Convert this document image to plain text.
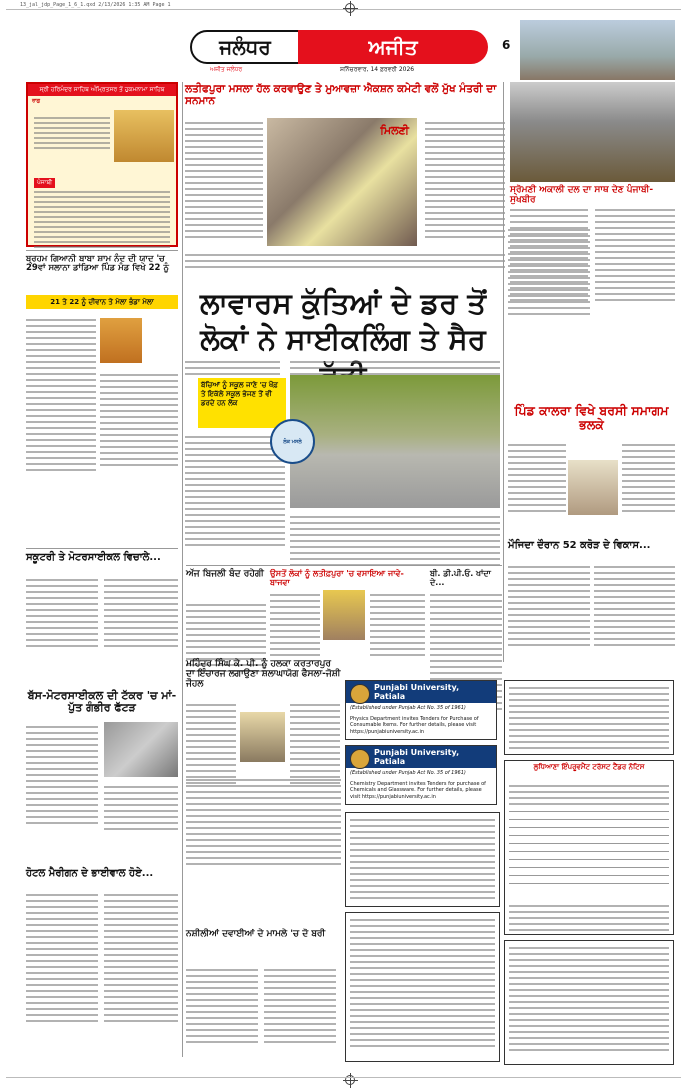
13_jal_jdp_Page_1_6_1.qxd 2/13/2026 1:35 AM Page 1
ਜਲੰਧਰ	ਅਜੀਤ
ਅਜੀਤ ਜਲੰਧਰ	ਸ਼ਨਿੱਚਰਵਾਰ, 14 ਫ਼ਰਵਰੀ 2026
6
ਸ੍ਰੀ ਹਰਿਮੰਦਰ ਸਾਹਿਬ ਅੰਮ੍ਰਿਤਸਰ ਤੋਂ ਹੁਕਮਨਾਮਾ ਸਾਹਿਬ
ਰਾਗੁ
ਪੰਜਾਬੀ
ਲਤੀਫਪੁਰਾ ਮਸਲਾ ਹੱਲ ਕਰਵਾਉਣ ਤੇ ਮੁਆਵਜ਼ਾ ਐਕਸ਼ਨ ਕਮੇਟੀ ਵਲੋਂ ਮੁੱਖ ਮੰਤਰੀ ਦਾ ਸਨਮਾਨ
ਮਿਲਣੀ
ਸ੍ਰੋਮਣੀ ਅਕਾਲੀ ਦਲ ਦਾ ਸਾਥ ਦੇਣ ਪੰਜਾਬੀ-ਸੁਖਬੀਰ
ਬ੍ਰਹਮ ਗਿਆਨੀ ਬਾਬਾ ਸ਼ਾਮ ਨੰਦ ਦੀ ਯਾਦ 'ਚ 29ਵਾਂ ਸਲਾਨਾ ਡਾਂਡਿਆ ਪਿੰਡ ਮੰਡ ਵਿਖੇ 22 ਨੂੰ
21 ਤੇ 22 ਨੂੰ ਦੀਵਾਨ ਤੇ ਮੇਲਾ ਭੰਡਾ ਮੇਲਾ
ਸਕੂਟਰੀ ਤੇ ਮੋਟਰਸਾਈਕਲ ਵਿਚਾਲੇ...
ਬੱਸ-ਮੋਟਰਸਾਈਕਲ ਦੀ ਟੱਕਰ 'ਚ ਮਾਂ-ਪੁੱਤ ਗੰਭੀਰ ਫੱਟੜ
ਹੋਟਲ ਮੈਰੀਗਨ ਦੇ ਭਾਈਵਾਲ ਹੋਏ...
ਲਾਵਾਰਸ ਕੁੱਤਿਆਂ ਦੇ ਡਰ ਤੋਂ ਲੋਕਾਂ ਨੇ ਸਾਈਕਲਿੰਗ ਤੇ ਸੈਰ
ਬੱਚਿਆਂ ਨੂੰ ਸਕੂਲ ਜਾਣੇ 'ਚ ਖੌਫ਼ ਤੇ ਇਕੱਲੇ ਸਕੂਲ ਭੇਜਣ ਤੋਂ ਵੀ ਡਰਦੇ ਹਨ ਲੋਕ
ਲੋਕ ਮਸਲੇ
ਪਿੰਡ ਕਾਲਰਾ ਵਿਖੇ ਬਰਸੀ ਸਮਾਗਮ ਭਲਕੇ
ਮੌਜਿਦਾ ਦੌਰਾਨ 52 ਕਰੋੜ ਦੇ ਵਿਕਾਸ...
ਅੱਜ ਬਿਜਲੀ ਬੰਦ ਰਹੇਗੀ ਉਸਤੋਂ ਲੋਕਾਂ ਨੂੰ ਲਤੀਫ਼ਪੁਰਾ 'ਚ ਵਸਾਇਆ ਜਾਵੇ-ਬਾਜਵਾ
ਬੀ. ਡੀ.ਪੀ.ਓ. ਖਾਂਦਾ ਦੇ...
ਮਹਿੰਦਰ ਸਿੰਘ ਕੇ. ਪੀ. ਨੂੰ ਹਲਕਾ ਕਰਤਾਰਪੁਰ ਦਾ ਇੰਚਾਰਜ ਲਗਾਉਣਾ ਸ਼ਲਾਘਾਯੋਗ ਫੈਸਲਾ-ਜੋਸ਼ੀ ਜੌਹਲ	Punjabi University, Patiala
(Established under Punjab Act No. 35 of 1961)
Physics Department invites Tenders for Purchase of Consumable Items. For further details, please visit https://punjabiuniversity.ac.in
Punjabi University, Patiala
(Established under Punjab Act No. 35 of 1961)
Chemistry Department invites Tenders for purchase of Chemicals and Glassware. For further details, please visit https://punjabiuniversity.ac.in
ਨਸ਼ੀਲੀਆਂ ਦਵਾਈਆਂ ਦੇ ਮਾਮਲੇ 'ਚ ਦੋ ਬਰੀ
ਲੁਧਿਆਣਾ ਇੰਪਰੂਵਮੈਂਟ ਟਰੱਸਟ ਟੈਂਡਰ ਨੋਟਿਸ
